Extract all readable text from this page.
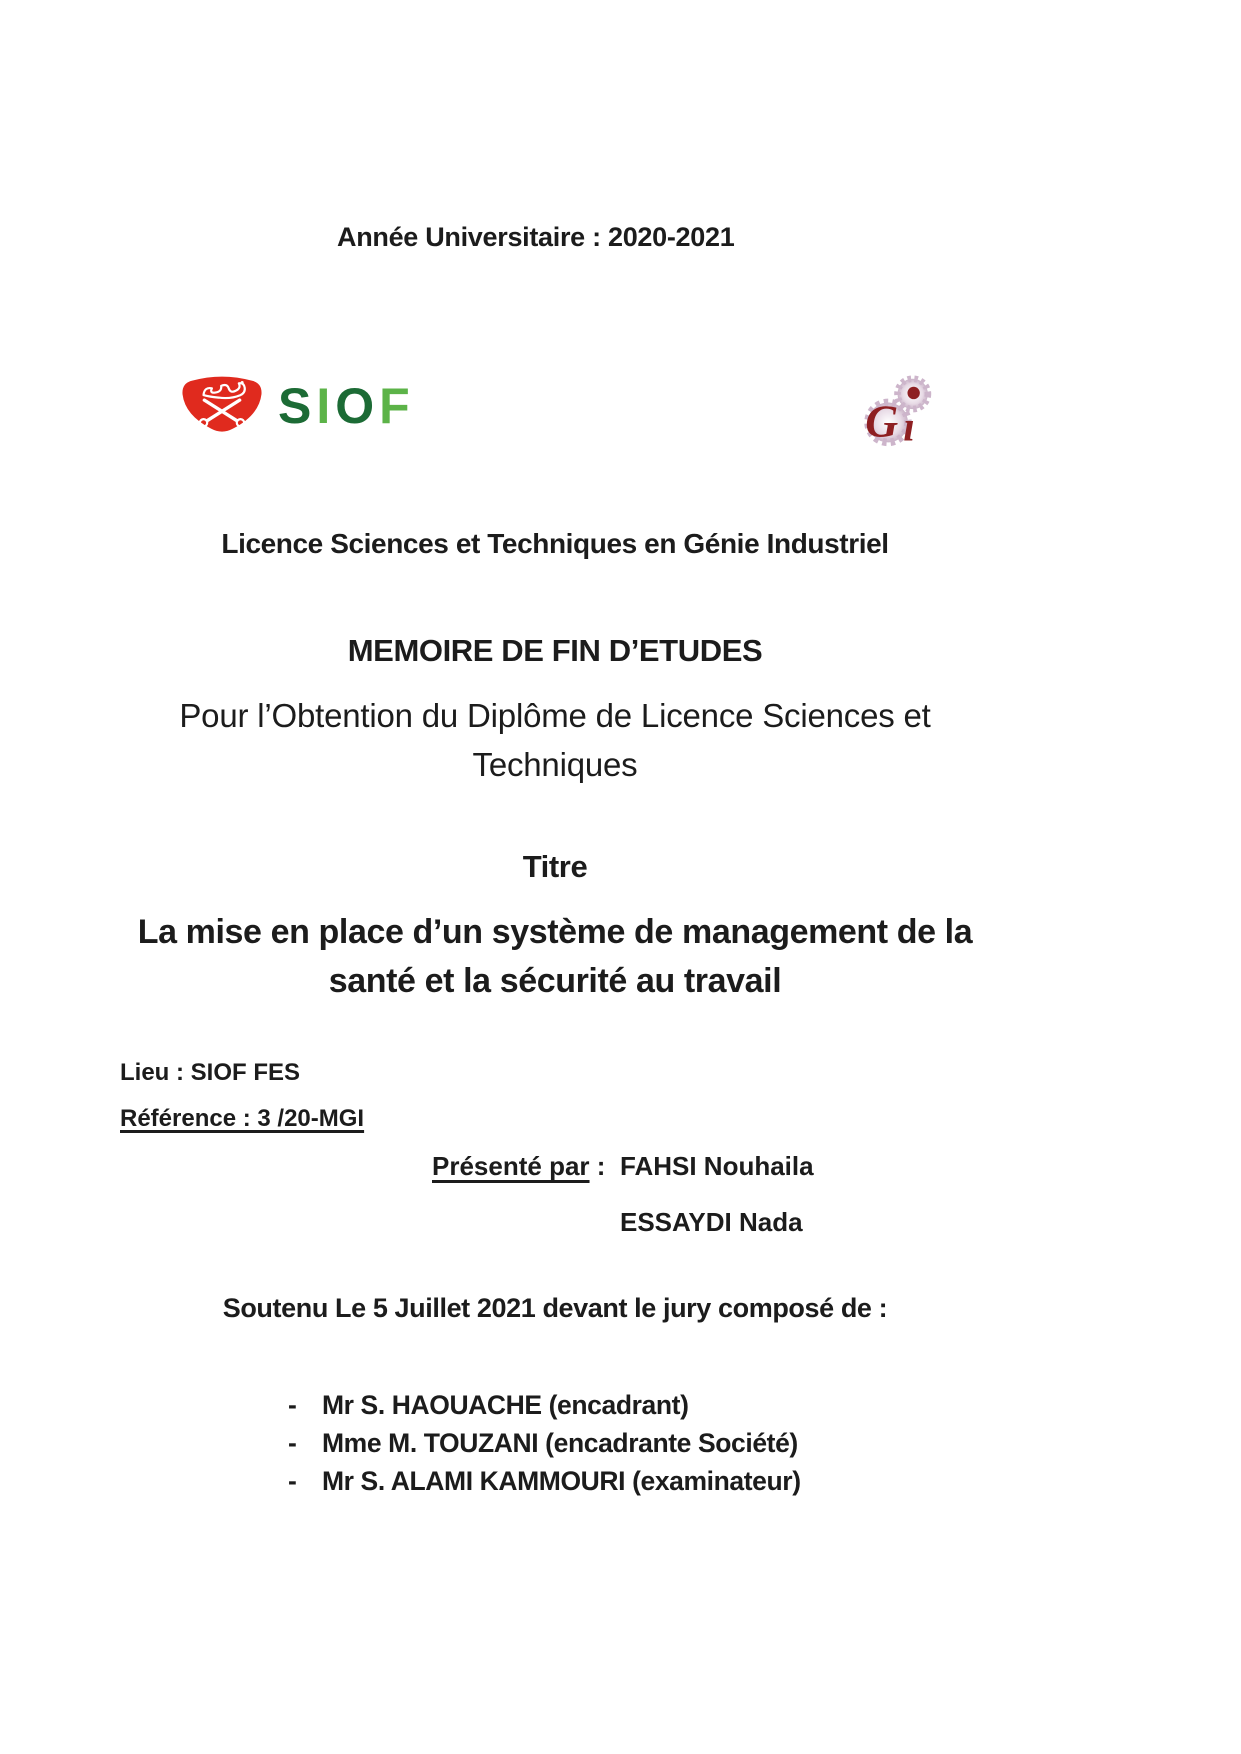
Année Universitaire : 2020-2021
SIOF	G ı
Licence Sciences et Techniques en Génie Industriel
MEMOIRE DE FIN D’ETUDES
Pour l’Obtention du Diplôme de Licence Sciences et
Techniques
Titre
La mise en place d’un système de management de la
santé et la sécurité au travail
Lieu : SIOF FES
Référence : 3 /20-MGI
Présenté par : FAHSI Nouhaila
ESSAYDI Nada
Soutenu Le 5 Juillet 2021 devant le jury composé de :
- Mr S. HAOUACHE (encadrant)
- Mme M. TOUZANI (encadrante Société)
- Mr S. ALAMI KAMMOURI (examinateur)
